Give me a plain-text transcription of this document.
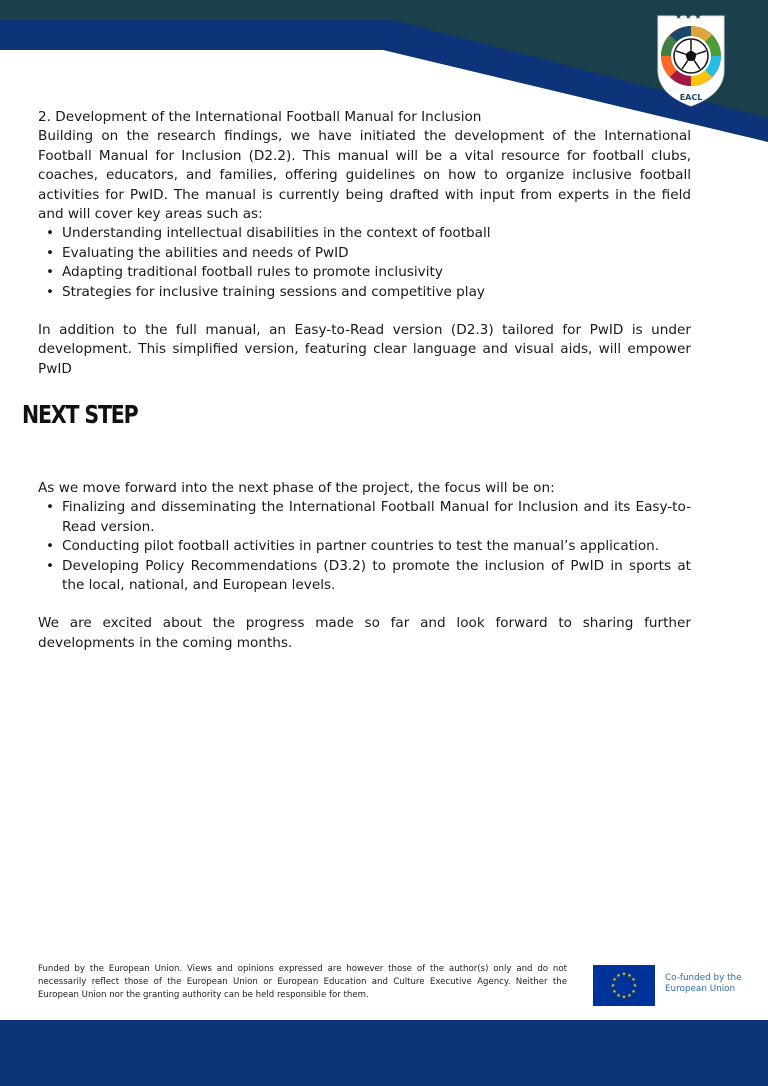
★ ★ ★
EACL

2. Development of the International Football Manual for Inclusion

Building on the research findings, we have initiated the development of the International Football Manual for Inclusion (D2.2). This manual will be a vital resource for football clubs, coaches, educators, and families, offering guidelines on how to organize inclusive football activities for PwID. The manual is currently being drafted with input from experts in the field and will cover key areas such as:

• Understanding intellectual disabilities in the context of football
• Evaluating the abilities and needs of PwID
• Adapting traditional football rules to promote inclusivity
• Strategies for inclusive training sessions and competitive play

In addition to the full manual, an Easy-to-Read version (D2.3) tailored for PwID is under development. This simplified version, featuring clear language and visual aids, will empower PwID

NEXT STEP

As we move forward into the next phase of the project, the focus will be on:

• Finalizing and disseminating the International Football Manual for Inclusion and its Easy-to-Read version.
• Conducting pilot football activities in partner countries to test the manual’s application.
• Developing Policy Recommendations (D3.2) to promote the inclusion of PwID in sports at the local, national, and European levels.

We are excited about the progress made so far and look forward to sharing further developments in the coming months.

Funded by the European Union. Views and opinions expressed are however those of the author(s) only and do not necessarily reflect those of the European Union or European Education and Culture Executive Agency. Neither the European Union nor the granting authority can be held responsible for them.
★ ★
★
★
★
★
★
★
★
★
★
★	Co-funded by the
European Union
